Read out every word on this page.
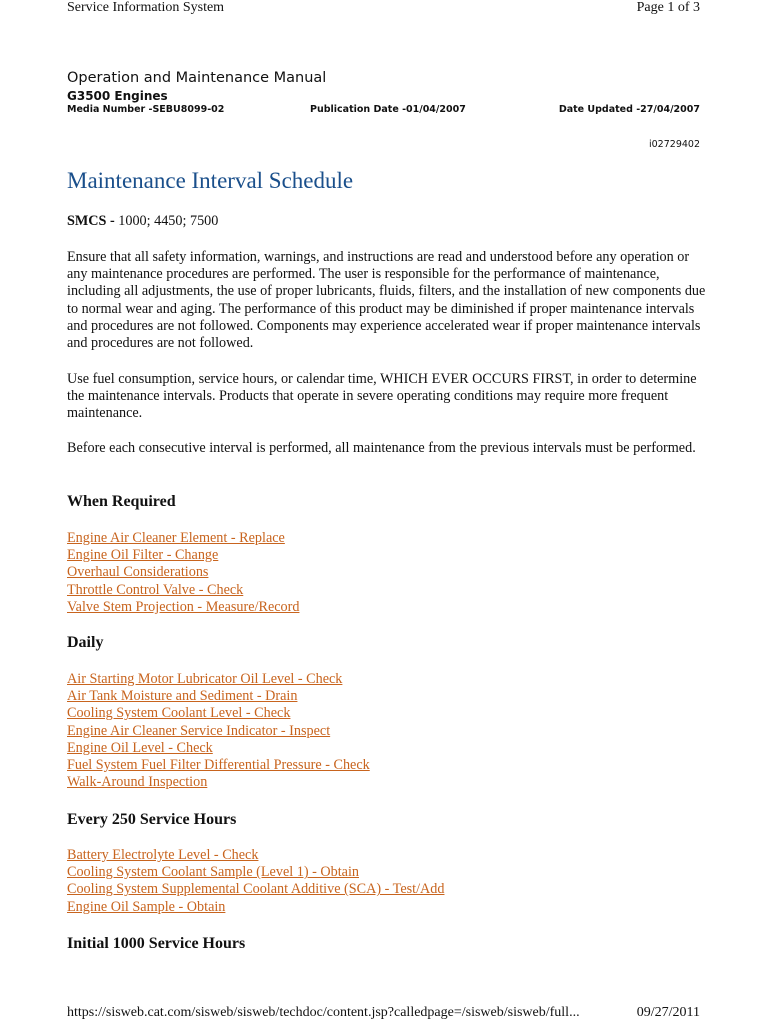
Service Information System	Page 1 of 3
Operation and Maintenance Manual
G3500 Engines
Media Number -SEBU8099-02	Publication Date -01/04/2007	Date Updated -27/04/2007
i02729402
Maintenance Interval Schedule

SMCS - 1000; 4450; 7500

Ensure that all safety information, warnings, and instructions are read and understood before any operation or any maintenance procedures are performed. The user is responsible for the performance of maintenance, including all adjustments, the use of proper lubricants, fluids, filters, and the installation of new components due to normal wear and aging. The performance of this product may be diminished if proper maintenance intervals and procedures are not followed. Components may experience accelerated wear if proper maintenance intervals and procedures are not followed.

Use fuel consumption, service hours, or calendar time, WHICH EVER OCCURS FIRST, in order to determine the maintenance intervals. Products that operate in severe operating conditions may require more frequent maintenance.

Before each consecutive interval is performed, all maintenance from the previous intervals must be performed.

When Required
Engine Air Cleaner Element - Replace
Engine Oil Filter - Change
Overhaul Considerations
Throttle Control Valve - Check
Valve Stem Projection - Measure/Record
Daily
Air Starting Motor Lubricator Oil Level - Check
Air Tank Moisture and Sediment - Drain
Cooling System Coolant Level - Check
Engine Air Cleaner Service Indicator - Inspect
Engine Oil Level - Check
Fuel System Fuel Filter Differential Pressure - Check
Walk-Around Inspection
Every 250 Service Hours
Battery Electrolyte Level - Check
Cooling System Coolant Sample (Level 1) - Obtain
Cooling System Supplemental Coolant Additive (SCA) - Test/Add
Engine Oil Sample - Obtain
Initial 1000 Service Hours
https://sisweb.cat.com/sisweb/sisweb/techdoc/content.jsp?calledpage=/sisweb/sisweb/full...	09/27/2011
